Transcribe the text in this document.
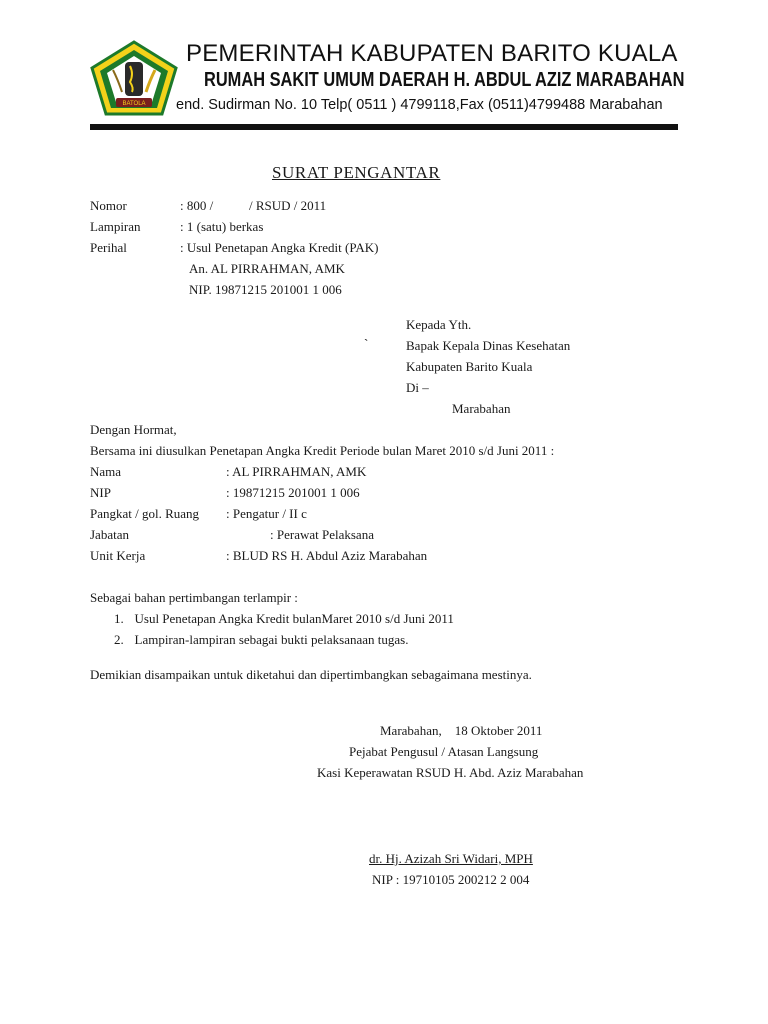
BATOLA
PEMERINTAH KABUPATEN BARITO KUALA
RUMAH SAKIT UMUM DAERAH H. ABDUL AZIZ MARABAHAN
end. Sudirman No. 10 Telp( 0511 ) 4799118,Fax (0511)4799488 Marabahan
SURAT PENGANTAR
Nomor	: 800 /           / RSUD / 2011
Lampiran	: 1 (satu) berkas
Perihal	: Usul Penetapan Angka Kredit (PAK)
An. AL PIRRAHMAN, AMK
NIP. 19871215 201001 1 006
Kepada Yth.
`	Bapak Kepala Dinas Kesehatan
Kabupaten Barito Kuala
Di –
Marabahan
Dengan Hormat,
Bersama ini diusulkan Penetapan Angka Kredit Periode bulan Maret 2010 s/d Juni 2011 :
Nama	: AL PIRRAHMAN, AMK
NIP	: 19871215 201001 1 006
Pangkat / gol. Ruang : Pengatur / II c
Jabatan	: Perawat Pelaksana
Unit Kerja	: BLUD RS H. Abdul Aziz Marabahan
Sebagai bahan pertimbangan terlampir :
1. Usul Penetapan Angka Kredit bulanMaret 2010 s/d Juni 2011
2. Lampiran-lampiran sebagai bukti pelaksanaan tugas.
Demikian disampaikan untuk diketahui dan dipertimbangkan sebagaimana mestinya.
Marabahan,    18 Oktober 2011
Pejabat Pengusul / Atasan Langsung
Kasi Keperawatan RSUD H. Abd. Aziz Marabahan
dr. Hj. Azizah Sri Widari, MPH
NIP : 19710105 200212 2 004
